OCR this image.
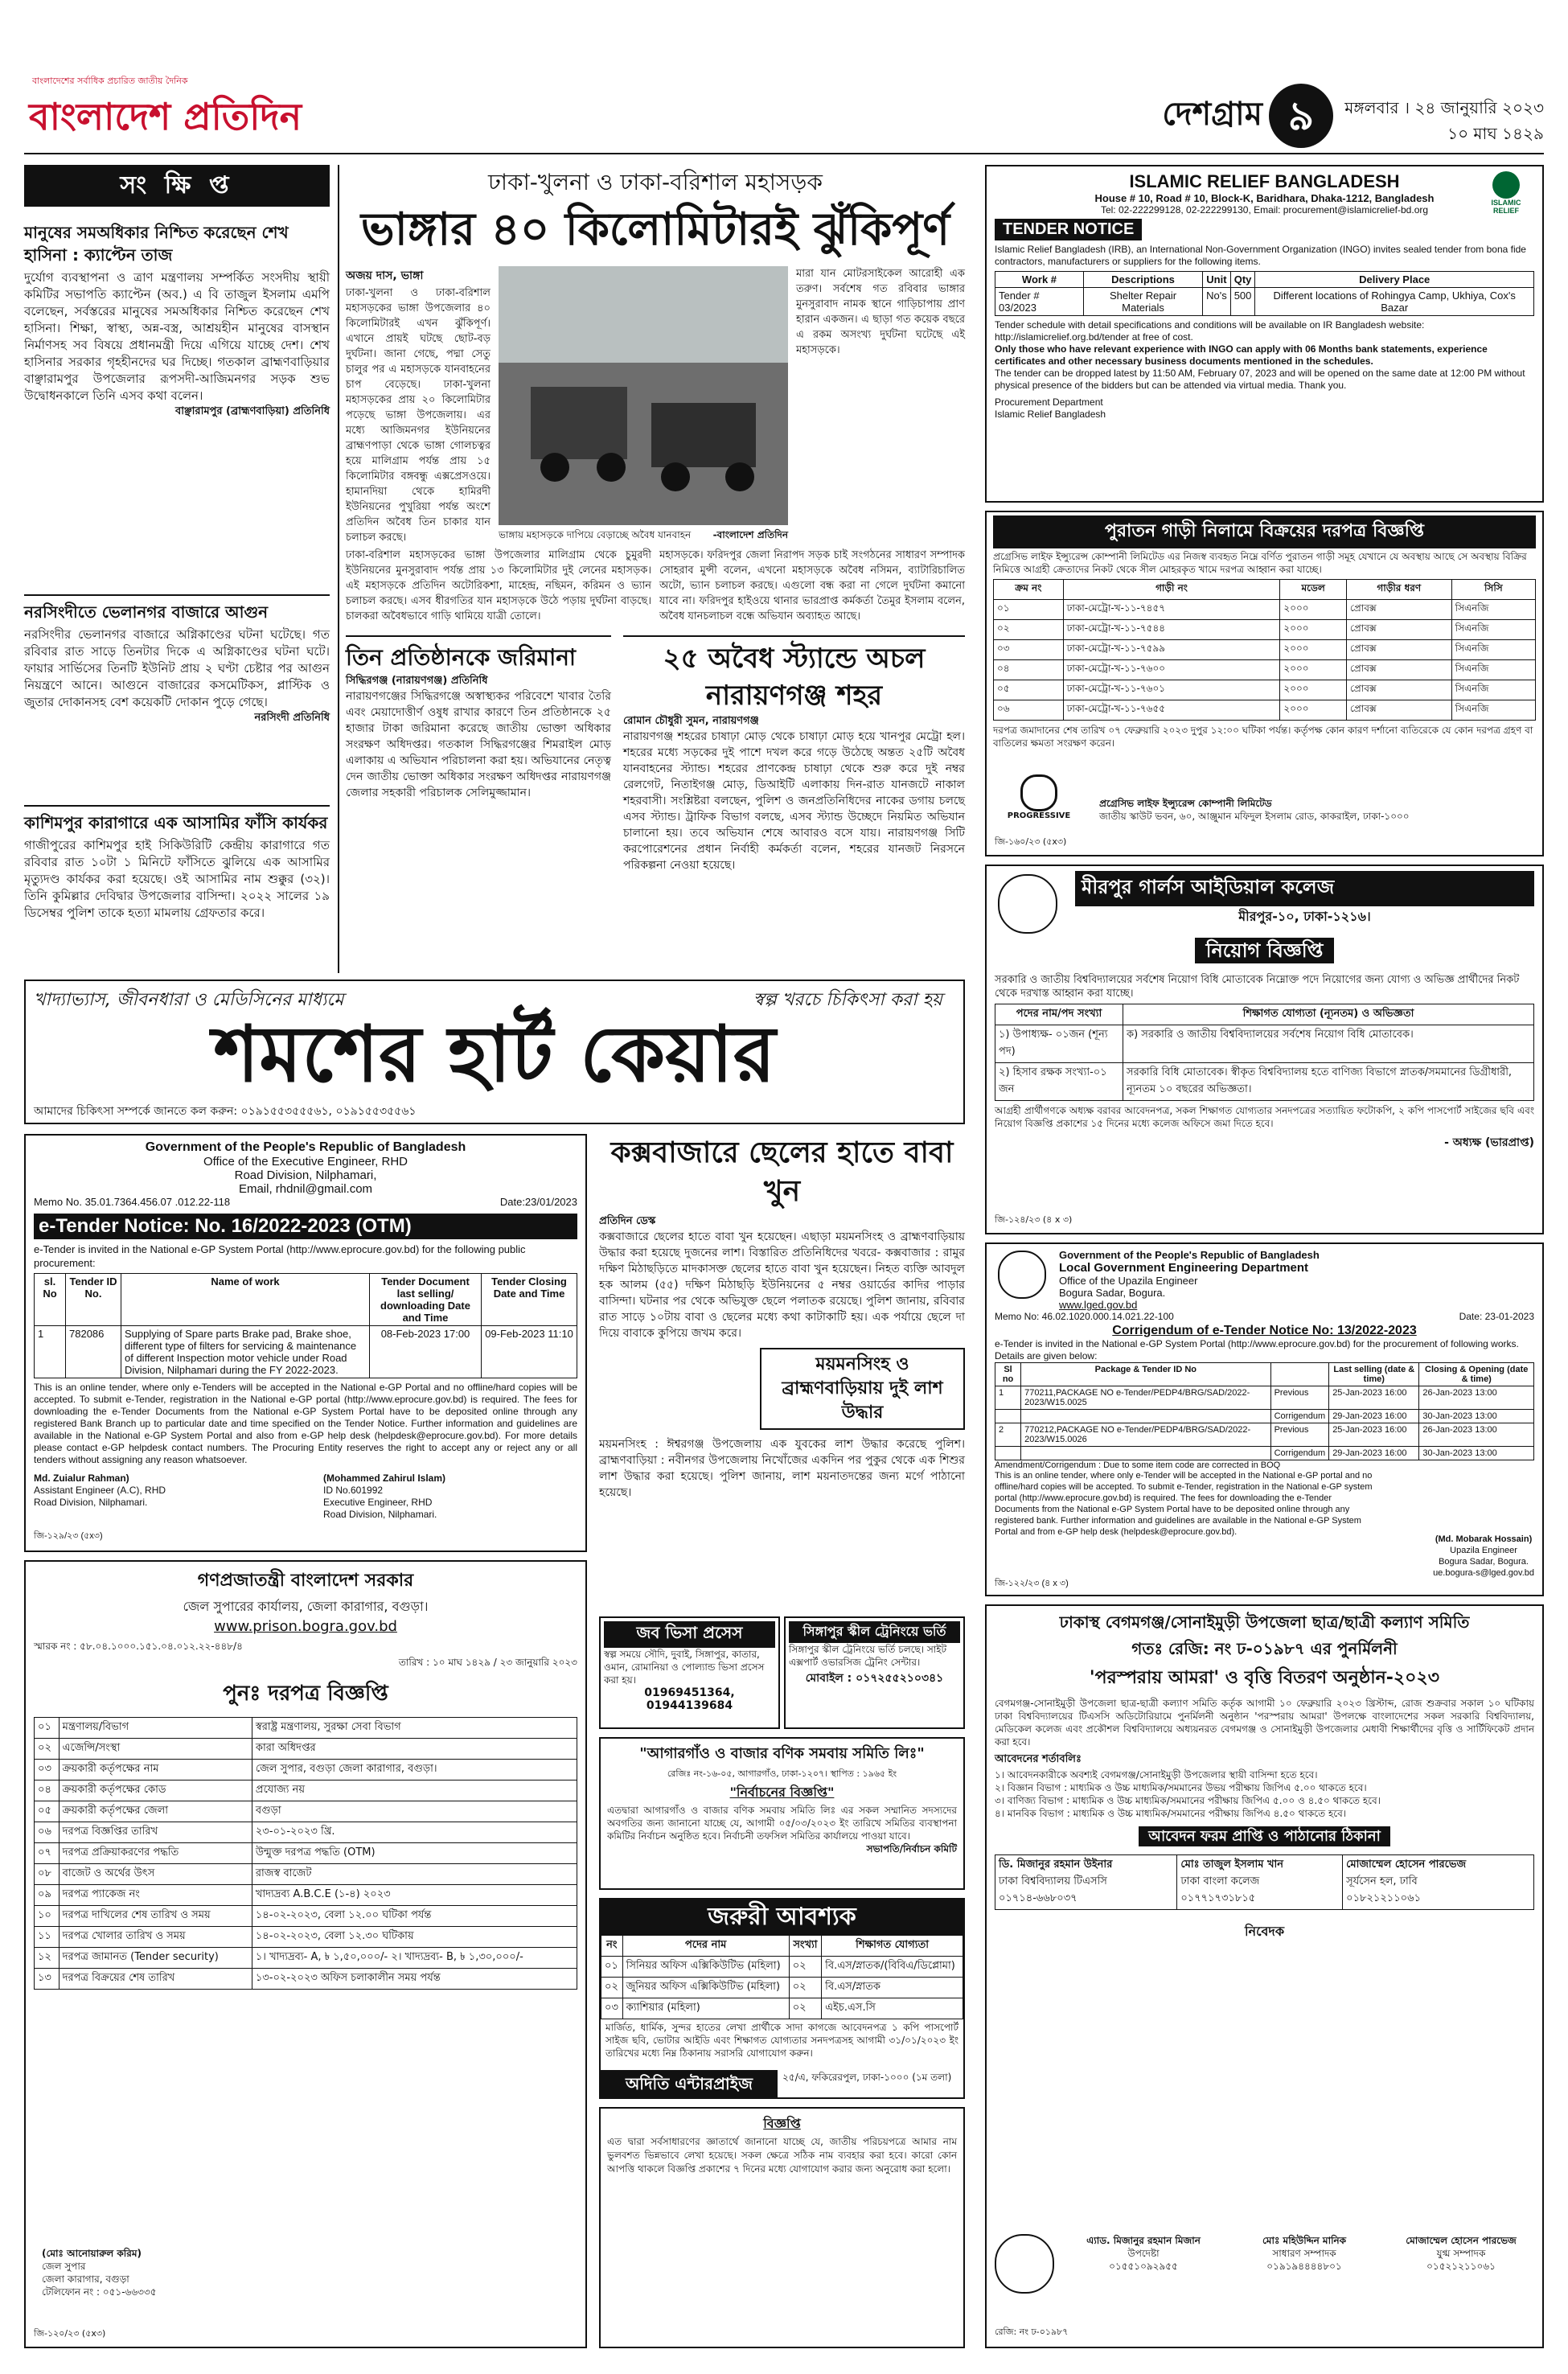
বাংলাদেশের সর্বাধিক প্রচারিত জাতীয় দৈনিক
বাংলাদেশ প্রতিদিন	দেশগ্রাম ৯	মঙ্গলবার । ২৪ জানুয়ারি ২০২৩
১০ মাঘ ১৪২৯
সং ক্ষি প্ত

মানুষের সমঅধিকার নিশ্চিত করেছেন শেখ হাসিনা : ক্যাপ্টেন তাজ

দুর্যোগ ব্যবস্থাপনা ও ত্রাণ মন্ত্রণালয় সম্পর্কিত সংসদীয় স্থায়ী কমিটির সভাপতি ক্যাপ্টেন (অব.) এ বি তাজুল ইসলাম এমপি বলেছেন, সর্বস্তরের মানুষের সমঅধিকার নিশ্চিত করেছেন শেখ হাসিনা। শিক্ষা, স্বাস্থ্য, অন্ন-বস্ত্র, আশ্রয়হীন মানুষের বাসস্থান নির্মাণসহ সব বিষয়ে প্রধানমন্ত্রী দিয়ে এগিয়ে যাচ্ছে দেশ। শেখ হাসিনার সরকার গৃহহীনদের ঘর দিচ্ছে। গতকাল ব্রাহ্মণবাড়িয়ার বাঞ্ছারামপুর উপজেলার রূপসদী-আজিমনগর সড়ক শুভ উদ্বোধনকালে তিনি এসব কথা বলেন।

বাঞ্ছারামপুর (ব্রাহ্মণবাড়িয়া) প্রতিনিধি

নরসিংদীতে ভেলানগর বাজারে আগুন

নরসিংদীর ভেলানগর বাজারে অগ্নিকাণ্ডের ঘটনা ঘটেছে। গত রবিবার রাত সাড়ে তিনটার দিকে এ অগ্নিকাণ্ডের ঘটনা ঘটে। ফায়ার সার্ভিসের তিনটি ইউনিট প্রায় ২ ঘণ্টা চেষ্টার পর আগুন নিয়ন্ত্রণে আনে। আগুনে বাজারের কসমেটিকস, প্লাস্টিক ও জুতার দোকানসহ বেশ কয়েকটি দোকান পুড়ে গেছে।

নরসিংদী প্রতিনিধি

কাশিমপুর কারাগারে এক আসামির ফাঁসি কার্যকর

গাজীপুরের কাশিমপুর হাই সিকিউরিটি কেন্দ্রীয় কারাগারে গত রবিবার রাত ১০টা ১ মিনিটে ফাঁসিতে ঝুলিয়ে এক আসামির মৃত্যুদণ্ড কার্যকর করা হয়েছে। ওই আসামির নাম শুক্কুর (৩২)। তিনি কুমিল্লার দেবিদ্বার উপজেলার বাসিন্দা। ২০২২ সালের ১৯ ডিসেম্বর পুলিশ তাকে হত্যা মামলায় গ্রেফতার করে।

ঢাকা-খুলনা ও ঢাকা-বরিশাল মহাসড়ক
ভাঙ্গার ৪০ কিলোমিটারই ঝুঁকিপূর্ণ
অজয় দাস, ভাঙ্গা

ঢাকা-খুলনা ও ঢাকা-বরিশাল মহাসড়কের ভাঙ্গা উপজেলার ৪০ কিলোমিটারই এখন ঝুঁকিপূর্ণ। এখানে প্রায়ই ঘটছে ছোট-বড় দুর্ঘটনা। জানা গেছে, পদ্মা সেতু চালুর পর এ মহাসড়কে যানবাহনের চাপ বেড়েছে। ঢাকা-খুলনা মহাসড়কের প্রায় ২০ কিলোমিটার পড়েছে ভাঙ্গা উপজেলায়। এর মধ্যে আজিমনগর ইউনিয়নের ব্রাহ্মণপাড়া থেকে ভাঙ্গা গোলচত্বর হয়ে মালিগ্রাম পর্যন্ত প্রায় ১৫ কিলোমিটার বঙ্গবন্ধু এক্সপ্রেসওয়ে। হামানদিয়া থেকে হামিরদী ইউনিয়নের পুখুরিয়া পর্যন্ত অংশে প্রতিদিন অবৈধ তিন চাকার যান চলাচল করছে।	ভাঙ্গায় মহাসড়কে দাপিয়ে বেড়াচ্ছে অবৈধ যানবাহন -বাংলাদেশ প্রতিদিন

মারা যান মোটরসাইকেল আরোহী এক তরুণ। সর্বশেষ গত রবিবার ভাঙ্গার মুনসুরাবাদ নামক স্থানে গাড়িচাপায় প্রাণ হারান একজন। এ ছাড়া গত কয়েক বছরে এ রকম অসংখ্য দুর্ঘটনা ঘটেছে এই মহাসড়কে।

ঢাকা-বরিশাল মহাসড়কের ভাঙ্গা উপজেলার মালিগ্রাম থেকে চুমুরদী ইউনিয়নের মুনসুরাবাদ পর্যন্ত প্রায় ১৩ কিলোমিটার দুই লেনের মহাসড়ক। এই মহাসড়কে প্রতিদিন অটোরিকশা, মাহেন্দ্র, নছিমন, করিমন ও ভ্যান চলাচল করছে। এসব ধীরগতির যান মহাসড়কে উঠে পড়ায় দুর্ঘটনা বাড়ছে। চালকরা অবৈধভাবে গাড়ি থামিয়ে যাত্রী তোলে।

মহাসড়কে। ফরিদপুর জেলা নিরাপদ সড়ক চাই সংগঠনের সাধারণ সম্পাদক সোহরাব মুন্সী বলেন, এখনো মহাসড়কে অবৈধ নসিমন, ব্যাটারিচালিত অটো, ভ্যান চলাচল করছে। এগুলো বন্ধ করা না গেলে দুর্ঘটনা কমানো যাবে না। ফরিদপুর হাইওয়ে থানার ভারপ্রাপ্ত কর্মকর্তা তৈমুর ইসলাম বলেন, অবৈধ যানচলাচল বন্ধে অভিযান অব্যাহত আছে।

তিন প্রতিষ্ঠানকে জরিমানা

সিদ্ধিরগঞ্জ (নারায়ণগঞ্জ) প্রতিনিধি

নারায়ণগঞ্জের সিদ্ধিরগঞ্জে অস্বাস্থ্যকর পরিবেশে খাবার তৈরি এবং মেয়াদোত্তীর্ণ ওষুধ রাখার কারণে তিন প্রতিষ্ঠানকে ২৫ হাজার টাকা জরিমানা করেছে জাতীয় ভোক্তা অধিকার সংরক্ষণ অধিদপ্তর। গতকাল সিদ্ধিরগঞ্জের শিমরাইল মোড় এলাকায় এ অভিযান পরিচালনা করা হয়। অভিযানের নেতৃত্ব দেন জাতীয় ভোক্তা অধিকার সংরক্ষণ অধিদপ্তর নারায়ণগঞ্জ জেলার সহকারী পরিচালক সেলিমুজ্জামান।

২৫ অবৈধ স্ট্যান্ডে অচল নারায়ণগঞ্জ শহর

রোমান চৌধুরী সুমন, নারায়ণগঞ্জ

নারায়ণগঞ্জ শহরের চাষাঢ়া মোড় থেকে চাষাঢ়া মোড় হয়ে খানপুর মেট্রো হল। শহরের মধ্যে সড়কের দুই পাশে দখল করে গড়ে উঠেছে অন্তত ২৫টি অবৈধ যানবাহনের স্ট্যান্ড। শহরের প্রাণকেন্দ্র চাষাঢ়া থেকে শুরু করে দুই নম্বর রেলগেট, নিতাইগঞ্জ মোড়, ডিআইটি এলাকায় দিন-রাত যানজটে নাকাল শহরবাসী। সংশ্লিষ্টরা বলছেন, পুলিশ ও জনপ্রতিনিধিদের নাকের ডগায় চলছে এসব স্ট্যান্ড। ট্রাফিক বিভাগ বলছে, এসব স্ট্যান্ড উচ্ছেদে নিয়মিত অভিযান চালানো হয়। তবে অভিযান শেষে আবারও বসে যায়। নারায়ণগঞ্জ সিটি করপোরেশনের প্রধান নির্বাহী কর্মকর্তা বলেন, শহরের যানজট নিরসনে পরিকল্পনা নেওয়া হয়েছে।

খাদ্যাভ্যাস, জীবনধারা ও মেডিসিনের মাধ্যমে	স্বল্প খরচে চিকিৎসা করা হয়
শমশের হার্ট কেয়ার
আমাদের চিকিৎসা সম্পর্কে জানতে কল করুন: ০১৯১৫৫৩৫৫৫৬১, ০১৯১৫৫৩৫৫৬১
Government of the People's Republic of Bangladesh
Office of the Executive Engineer, RHD
Road Division, Nilphamari,
Email, rhdnil@gmail.com
Memo No. 35.01.7364.456.07 .012.22-118	Date:23/01/2023
e-Tender Notice: No. 16/2022-2023 (OTM)
e-Tender is invited in the National e-GP System Portal (http://www.eprocure.gov.bd) for the following public procurement:
sl. No	Tender ID No.	Name of work	Tender Document last selling/ downloading Date and Time	Tender Closing Date and Time
1	782086	Supplying of Spare parts Brake pad, Brake shoe, different type of filters for servicing & maintenance of different Inspection motor vehicle under Road Division, Nilphamari during the FY 2022-2023.	08-Feb-2023 17:00	09-Feb-2023 11:10
This is an online tender, where only e-Tenders will be accepted in the National e-GP Portal and no offline/hard copies will be accepted. To submit e-Tender, registration in the National e-GP portal (http://www.eprocure.gov.bd) is required. The fees for downloading the e-Tender Documents from the National e-GP System Portal have to be deposited online through any registered Bank Branch up to particular date and time specified on the Tender Notice. Further information and guidelines are available in the National e-GP System Portal and also from e-GP help desk (helpdesk@eprocure.gov.bd). For more details please contact e-GP helpdesk contact numbers. The Procuring Entity reserves the right to accept any or reject any or all tenders without assigning any reason whatsoever.
Md. Zuialur Rahman)
Assistant Engineer (A.C), RHD
Road Division, Nilphamari.
(Mohammed Zahirul Islam)
ID No.601992
Executive Engineer, RHD
Road Division, Nilphamari.
জি-১২৯/২৩ (৫x৩)
গণপ্রজাতন্ত্রী বাংলাদেশ সরকার
জেল সুপারের কার্যালয়, জেলা কারাগার, বগুড়া।
www.prison.bogra.gov.bd
স্মারক নং : ৫৮.০৪.১০০০.১৫১.০৪.০১২.২২-৪৪৮/৪
তারিখ : ১০ মাঘ ১৪২৯ / ২৩ জানুয়ারি ২০২৩
পুনঃ দরপত্র বিজ্ঞপ্তি
০১	মন্ত্রণালয়/বিভাগ	স্বরাষ্ট্র মন্ত্রণালয়, সুরক্ষা সেবা বিভাগ
০২	এজেন্সি/সংস্থা	কারা অধিদপ্তর
০৩	ক্রয়কারী কর্তৃপক্ষের নাম	জেল সুপার, বগুড়া জেলা কারাগার, বগুড়া।
০৪	ক্রয়কারী কর্তৃপক্ষের কোড	প্রযোজ্য নয়
০৫	ক্রয়কারী কর্তৃপক্ষের জেলা	বগুড়া
০৬	দরপত্র বিজ্ঞপ্তির তারিখ	২৩-০১-২০২৩ খ্রি.
০৭	দরপত্র প্রক্রিয়াকরণের পদ্ধতি	উন্মুক্ত দরপত্র পদ্ধতি (OTM)
০৮	বাজেট ও অর্থের উৎস	রাজস্ব বাজেট
০৯	দরপত্র প্যাকেজ নং	খাদ্যদ্রব্য A.B.C.E (১-৪) ২০২৩
১০	দরপত্র দাখিলের শেষ তারিখ ও সময়	১৪-০২-২০২৩, বেলা ১২.০০ ঘটিকা পর্যন্ত
১১	দরপত্র খোলার তারিখ ও সময়	১৪-০২-২০২৩, বেলা ১২.৩০ ঘটিকায়
১২	দরপত্র জামানত (Tender security)	১। খাদ্যদ্রব্য- A, ৳ ১,৫০,০০০/- ২। খাদ্যদ্রব্য- B, ৳ ১,৩০,০০০/-
১৩	দরপত্র বিক্রয়ের শেষ তারিখ	১৩-০২-২০২৩ অফিস চলাকালীন সময় পর্যন্ত
(মোঃ আনোয়ারুল করিম)
জেল সুপার
জেলা কারাগার, বগুড়া
টেলিফোন নং : ০৫১-৬৬৩৩৫
জি-১২০/২৩ (৫x৩)

কক্সবাজারে ছেলের হাতে বাবা খুন

প্রতিদিন ডেস্ক

কক্সবাজারে ছেলের হাতে বাবা খুন হয়েছেন। এছাড়া ময়মনসিংহ ও ব্রাহ্মণবাড়িয়ায় উদ্ধার করা হয়েছে দুজনের লাশ। বিস্তারিত প্রতিনিধিদের খবরে- কক্সবাজার : রামুর দক্ষিণ মিঠাছড়িতে মাদকাসক্ত ছেলের হাতে বাবা খুন হয়েছেন। নিহত ব্যক্তি আবদুল হক আলম (৫৫) দক্ষিণ মিঠাছড়ি ইউনিয়নের ৫ নম্বর ওয়ার্ডের কাদির পাড়ার বাসিন্দা। ঘটনার পর থেকে অভিযুক্ত ছেলে পলাতক রয়েছে। পুলিশ জানায়, রবিবার রাত সাড়ে ১০টায় বাবা ও ছেলের মধ্যে কথা কাটাকাটি হয়। এক পর্যায়ে ছেলে দা দিয়ে বাবাকে কুপিয়ে জখম করে।

ময়মনসিংহ ও ব্রাহ্মণবাড়িয়ায় দুই লাশ উদ্ধার

ময়মনসিংহ : ঈশ্বরগঞ্জ উপজেলায় এক যুবকের লাশ উদ্ধার করেছে পুলিশ। ব্রাহ্মণবাড়িয়া : নবীনগর উপজেলায় নিখোঁজের একদিন পর পুকুর থেকে এক শিশুর লাশ উদ্ধার করা হয়েছে। পুলিশ জানায়, লাশ ময়নাতদন্তের জন্য মর্গে পাঠানো হয়েছে।

জব ভিসা প্রসেস
স্বল্প সময়ে সৌদি, দুবাই, সিঙ্গাপুর, কাতার, ওমান, রোমানিয়া ও পোল্যান্ড ভিসা প্রসেস করা হয়।
01969451364, 01944139684
সিঙ্গাপুর স্কীল ট্রেনিংয়ে ভর্তি
সিঙ্গাপুর স্কীল ট্রেনিংয়ে ভর্তি চলছে। সাইট এক্সপার্ট ওভারসিজ ট্রেনিং সেন্টার।
মোবাইল : ০১৭২৫৫২১০৩৪১
"আগারগাঁও ও বাজার বণিক সমবায় সমিতি লিঃ"
রেজিঃ নং-১৬-০৫, আগারগাঁও, ঢাকা-১২০৭। স্থাপিত : ১৯৬৫ ইং
"নির্বাচনের বিজ্ঞপ্তি"
এতদ্বারা আগারগাঁও ও বাজার বণিক সমবায় সমিতি লিঃ এর সকল সম্মানিত সদস্যদের অবগতির জন্য জানানো যাচ্ছে যে, আগামী ০৫/০৩/২০২৩ ইং তারিখে সমিতির ব্যবস্থাপনা কমিটির নির্বাচন অনুষ্ঠিত হবে। নির্বাচনী তফসিল সমিতির কার্যালয়ে পাওয়া যাবে।
সভাপতি/নির্বাচন কমিটি
জরুরী আবশ্যক
নং	পদের নাম	সংখ্যা	শিক্ষাগত যোগ্যতা
০১	সিনিয়র অফিস এক্সিকিউটিভ (মহিলা)	০২	বি.এস/স্নাতক/(বিবিএ/ডিপ্লোমা)
০২	জুনিয়র অফিস এক্সিকিউটিভ (মহিলা)	০২	বি.এস/স্নাতক
০৩	ক্যাশিয়ার (মহিলা)	০২	এইচ.এস.সি
মার্জিত, ধার্মিক, সুন্দর হাতের লেখা প্রার্থীকে সাদা কাগজে আবেদনপত্র ১ কপি পাসপোর্ট সাইজ ছবি, ভোটার আইডি এবং শিক্ষাগত যোগ্যতার সনদপত্রসহ আগামী ৩১/০১/২০২৩ ইং তারিখের মধ্যে নিম্ন ঠিকানায় সরাসরি যোগাযোগ করুন।
অদিতি এন্টারপ্রাইজ	২৫/এ, ফকিরেরপুল, ঢাকা-১০০০ (১ম তলা)
বিজ্ঞপ্তি
এত দ্বারা সর্বসাধারণের জ্ঞাতার্থে জানানো যাচ্ছে যে, জাতীয় পরিচয়পত্রে আমার নাম ভুলবশত ভিন্নভাবে লেখা হয়েছে। সকল ক্ষেত্রে সঠিক নাম ব্যবহার করা হবে। কারো কোন আপত্তি থাকলে বিজ্ঞপ্তি প্রকাশের ৭ দিনের মধ্যে যোগাযোগ করার জন্য অনুরোধ করা হলো।
ISLAMIC RELIEF BANGLADESH
House # 10, Road # 10, Block-K, Baridhara, Dhaka-1212, Bangladesh
Tel: 02-222299128, 02-222299130, Email: procurement@islamicrelief-bd.org
ISLAMIC RELIEF
TENDER NOTICE
Islamic Relief Bangladesh (IRB), an International Non-Government Organization (INGO) invites sealed tender from bona fide contractors, manufacturers or suppliers for the following items.
Work #	Descriptions	Unit	Qty	Delivery Place
Tender # 03/2023	Shelter Repair Materials	No's	500	Different locations of Rohingya Camp, Ukhiya, Cox's Bazar
Tender schedule with detail specifications and conditions will be available on IR Bangladesh website: http://islamicrelief.org.bd/tender at free of cost.
Only those who have relevant experience with INGO can apply with 06 Months bank statements, experience certificates and other necessary business documents mentioned in the schedules.
The tender can be dropped latest by 11:50 AM, February 07, 2023 and will be opened on the same date at 12:00 PM without physical presence of the bidders but can be attended via virtual media. Thank you.
Procurement Department
Islamic Relief Bangladesh
পুরাতন গাড়ী নিলামে বিক্রয়ের দরপত্র বিজ্ঞপ্তি
প্রগ্রেসিভ লাইফ ইন্স্যুরেন্স কোম্পানী লিমিটেড এর নিজস্ব ব্যবহৃত নিম্নে বর্ণিত পুরাতন গাড়ী সমূহ যেখানে যে অবস্থায় আছে সে অবস্থায় বিক্রির নিমিত্তে আগ্রহী ক্রেতাদের নিকট থেকে সীল মোহরকৃত খামে দরপত্র আহ্বান করা যাচ্ছে।
ক্রম নং	গাড়ী নং	মডেল	গাড়ীর ধরণ	সিসি
০১	ঢাকা-মেট্রো-খ-১১-৭৪৫৭	২০০০	প্রোবক্স	সিএনজি
০২	ঢাকা-মেট্রো-খ-১১-৭৫৪৪	২০০০	প্রোবক্স	সিএনজি
০৩	ঢাকা-মেট্রো-খ-১১-৭৫৯৯	২০০০	প্রোবক্স	সিএনজি
০৪	ঢাকা-মেট্রো-খ-১১-৭৬০০	২০০০	প্রোবক্স	সিএনজি
০৫	ঢাকা-মেট্রো-খ-১১-৭৬০১	২০০০	প্রোবক্স	সিএনজি
০৬	ঢাকা-মেট্রো-খ-১১-৭৬৫৫	২০০০	প্রোবক্স	সিএনজি
দরপত্র জমাদানের শেষ তারিখ ০৭ ফেব্রুয়ারি ২০২৩ দুপুর ১২:০০ ঘটিকা পর্যন্ত। কর্তৃপক্ষ কোন কারণ দর্শানো ব্যতিরেকে যে কোন দরপত্র গ্রহণ বা বাতিলের ক্ষমতা সংরক্ষণ করেন।
PROGRESSIVE
প্রগ্রেসিভ লাইফ ইন্স্যুরেন্স কোম্পানী লিমিটেড
জাতীয় স্কাউট ভবন, ৬০, আঞ্জুমান মফিদুল ইসলাম রোড, কাকরাইল, ঢাকা-১০০০
জি-১৬০/২৩ (৫x৩)
মীরপুর গার্লস আইডিয়াল কলেজ
মীরপুর-১০, ঢাকা-১২১৬।
নিয়োগ বিজ্ঞপ্তি
সরকারি ও জাতীয় বিশ্ববিদ্যালয়ের সর্বশেষ নিয়োগ বিধি মোতাবেক নিম্নোক্ত পদে নিয়োগের জন্য যোগ্য ও অভিজ্ঞ প্রার্থীদের নিকট থেকে দরখাস্ত আহ্বান করা যাচ্ছে।
পদের নাম/পদ সংখ্যা	শিক্ষাগত যোগ্যতা (ন্যূনতম) ও অভিজ্ঞতা
১) উপাধ্যক্ষ- ০১জন (শূন্য পদ)	ক) সরকারি ও জাতীয় বিশ্ববিদ্যালয়ের সর্বশেষ নিয়োগ বিধি মোতাবেক।
২) হিসাব রক্ষক সংখ্যা-০১ জন	সরকারি বিধি মোতাবেক। স্বীকৃত বিশ্ববিদ্যালয় হতে বাণিজ্য বিভাগে স্নাতক/সমমানের ডিগ্রীধারী, ন্যূনতম ১০ বছরের অভিজ্ঞতা।
আগ্রহী প্রার্থীগণকে অধ্যক্ষ বরাবর আবেদনপত্র, সকল শিক্ষাগত যোগ্যতার সনদপত্রের সত্যায়িত ফটোকপি, ২ কপি পাসপোর্ট সাইজের ছবি এবং নিয়োগ বিজ্ঞপ্তি প্রকাশের ১৫ দিনের মধ্যে কলেজ অফিসে জমা দিতে হবে।
- অধ্যক্ষ (ভারপ্রাপ্ত)
জি-১২৪/২৩ (৪ x ৩)
Government of the People's Republic of Bangladesh
Local Government Engineering Department
Office of the Upazila Engineer
Bogura Sadar, Bogura.
www.lged.gov.bd
Memo No: 46.02.1020.000.14.021.22-100	Date: 23-01-2023
Corrigendum of e-Tender Notice No: 13/2022-2023
e-Tender is invited in the National e-GP System Portal (http://www.eprocure.gov.bd) for the procurement of following works. Details are given below:
Sl no	Package & Tender ID No		Last selling (date & time)	Closing & Opening (date & time)
1	770211,PACKAGE NO e-Tender/PEDP4/BRG/SAD/2022-2023/W15.0025	Previous	25-Jan-2023 16:00	26-Jan-2023 13:00
		Corrigendum	29-Jan-2023 16:00	30-Jan-2023 13:00
2	770212,PACKAGE NO e-Tender/PEDP4/BRG/SAD/2022-2023/W15.0026	Previous	25-Jan-2023 16:00	26-Jan-2023 13:00
		Corrigendum	29-Jan-2023 16:00	30-Jan-2023 13:00
Amendment/Corrigendum : Due to some item code are corrected in BOQ
This is an online tender, where only e-Tender will be accepted in the National e-GP portal and no offline/hard copies will be accepted. To submit e-Tender, registration in the National e-GP system portal (http://www.eprocure.gov.bd) is required. The fees for downloading the e-Tender Documents from the National e-GP System Portal have to be deposited online through any registered bank. Further information and guidelines are available in the National e-GP System Portal and from e-GP help desk (helpdesk@eprocure.gov.bd).
(Md. Mobarak Hossain)
Upazila Engineer
Bogura Sadar, Bogura.
ue.bogura-s@lged.gov.bd
জি-১২২/২৩ (৪ x ৩)
ঢাকাস্থ বেগমগঞ্জ/সোনাইমুড়ী উপজেলা ছাত্র/ছাত্রী কল্যাণ সমিতি
গতঃ রেজি: নং ঢ-০১৯৮৭ এর পুনর্মিলনী
'পরস্পরায় আমরা' ও বৃত্তি বিতরণ অনুষ্ঠান-২০২৩
বেগমগঞ্জ-সোনাইমুড়ী উপজেলা ছাত্র-ছাত্রী কল্যাণ সমিতি কর্তৃক আগামী ১০ ফেব্রুয়ারি ২০২৩ খ্রিস্টাব্দ, রোজ শুক্রবার সকাল ১০ ঘটিকায় ঢাকা বিশ্ববিদ্যালয়ের টিএসসি অডিটোরিয়ামে পুনর্মিলনী অনুষ্ঠান 'পরস্পরায় আমরা' উপলক্ষে বাংলাদেশের সকল সরকারি বিশ্ববিদ্যালয়, মেডিকেল কলেজ এবং প্রকৌশল বিশ্ববিদ্যালয়ে অধ্যয়নরত বেগমগঞ্জ ও সোনাইমুড়ী উপজেলার মেধাবী শিক্ষার্থীদের বৃত্তি ও সার্টিফিকেট প্রদান করা হবে।
আবেদনের শর্তাবলিঃ
১। আবেদনকারীকে অবশ্যই বেগমগঞ্জ/সোনাইমুড়ী উপজেলার স্থায়ী বাসিন্দা হতে হবে।
২। বিজ্ঞান বিভাগ : মাধ্যমিক ও উচ্চ মাধ্যমিক/সমমানের উভয় পরীক্ষায় জিপিএ ৫.০০ থাকতে হবে।
৩। বাণিজ্য বিভাগ : মাধ্যমিক ও উচ্চ মাধ্যমিক/সমমানের পরীক্ষায় জিপিএ ৫.০০ ও ৪.৫০ থাকতে হবে।
৪। মানবিক বিভাগ : মাধ্যমিক ও উচ্চ মাধ্যমিক/সমমানের পরীক্ষায় জিপিএ ৪.৫০ থাকতে হবে।
আবেদন ফরম প্রাপ্তি ও পাঠানোর ঠিকানা
ডি. মিজানুর রহমান উইনার
ঢাকা বিশ্ববিদ্যালয় টিএসসি
০১৭১৪-৬৬৮০৩৭

মোঃ তাজুল ইসলাম খান
ঢাকা বাংলা কলেজ
০১৭৭১৭৩১৮১৫

মোজাম্মেল হোসেন পারভেজ
সূর্যসেন হল, ঢাবি
০১৮২১২১১০৬১
নিবেদক
এ্যাড. মিজানুর রহমান মিজান
উপদেষ্টা
০১৫৫১০৯২৯৫৫
মোঃ মহিউদ্দিন মানিক
সাধারণ সম্পাদক
০১৯১৯৪৪৪৪৮০১
মোজাম্মেল হোসেন পারভেজ
যুগ্ম সম্পাদক
০১৫২১২১১০৬১
রেজি: নং ঢ-০১৯৮৭
